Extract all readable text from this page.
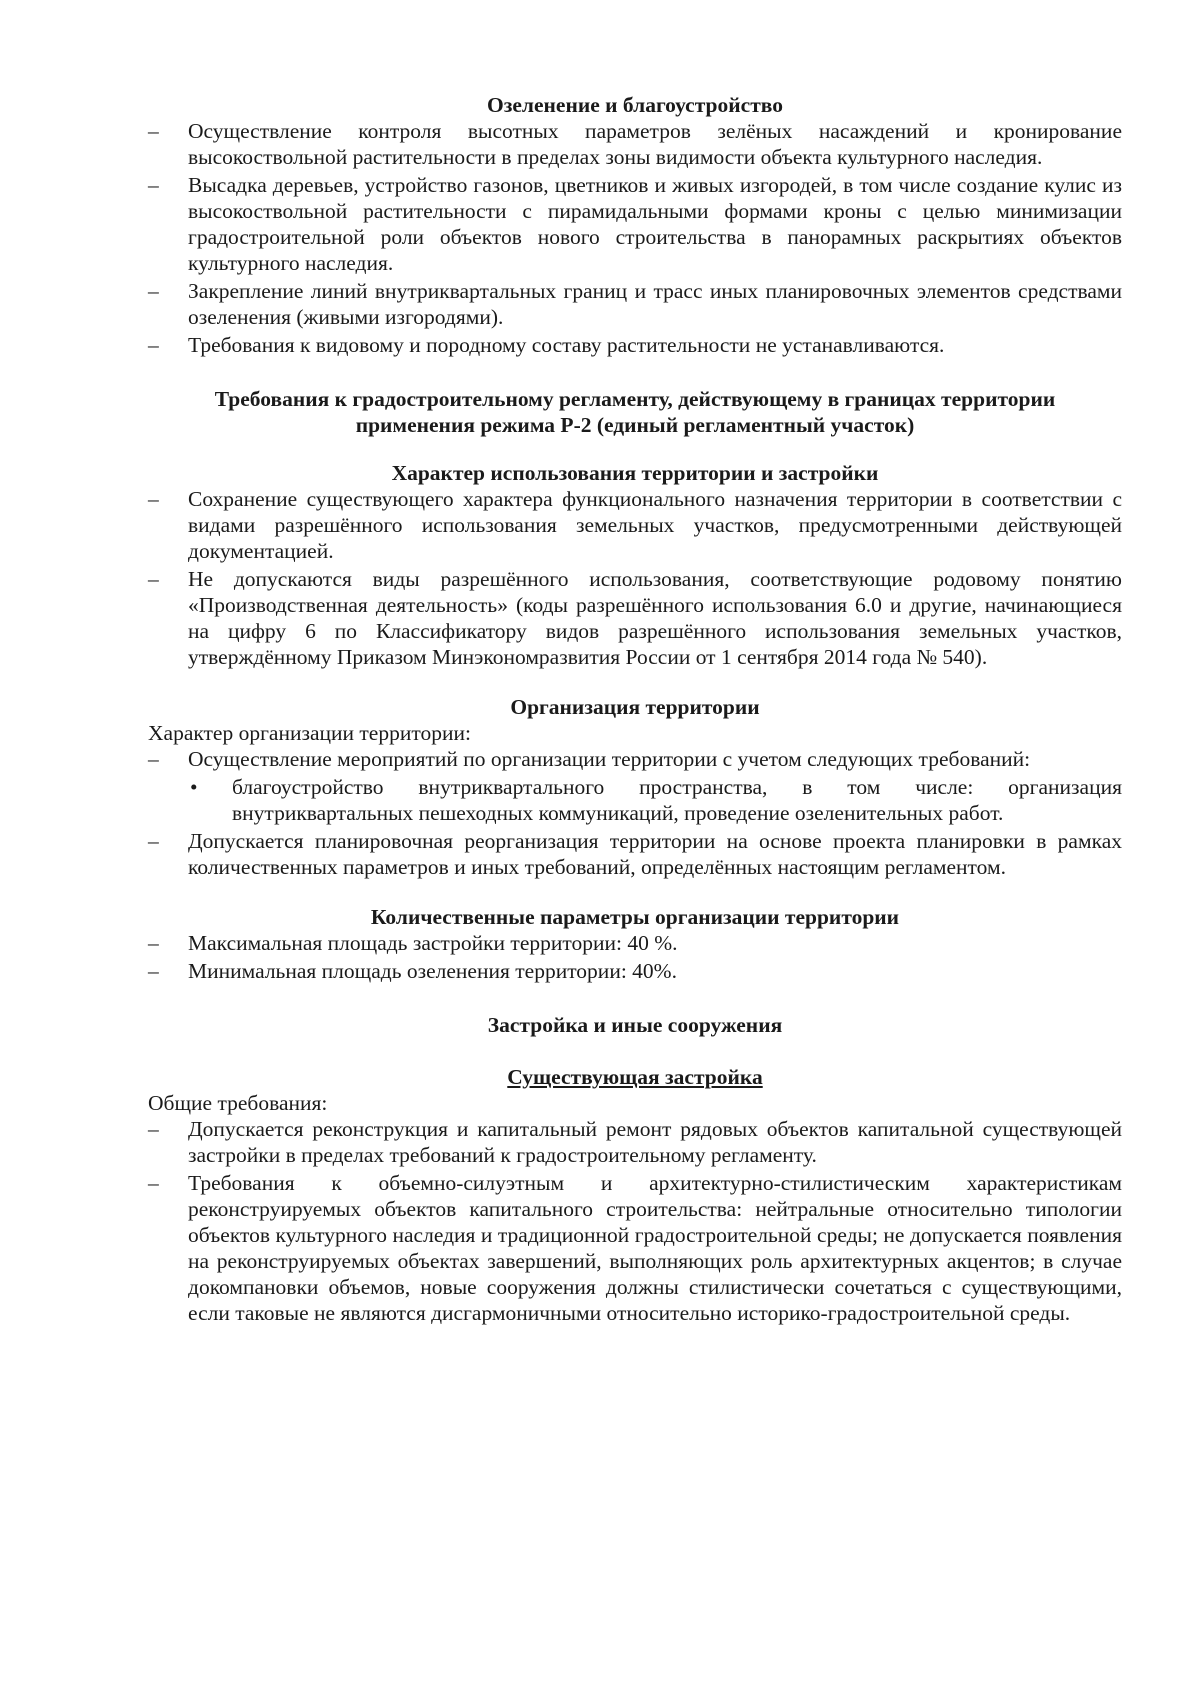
Озеленение и благоустройство

–	Осуществление контроля высотных параметров зелёных насаждений и кронирование высокоствольной растительности в пределах зоны видимости объекта культурного наследия.
–	Высадка деревьев, устройство газонов, цветников и живых изгородей, в том числе создание кулис из высокоствольной растительности с пирамидальными формами кроны с целью минимизации градостроительной роли объектов нового строительства в панорамных раскрытиях объектов культурного наследия.
–	Закрепление линий внутриквартальных границ и трасс иных планировочных элементов средствами озеленения (живыми изгородями).
–	Требования к видовому и породному составу растительности не устанавливаются.

Требования к градостроительному регламенту, действующему в границах территории

применения режима Р-2 (единый регламентный участок)

Характер использования территории и застройки

–	Сохранение существующего характера функционального назначения территории в соответствии с видами разрешённого использования земельных участков, предусмотренными действующей документацией.
–	Не допускаются виды разрешённого использования, соответствующие родовому понятию «Производственная деятельность» (коды разрешённого использования 6.0 и другие, начинающиеся на цифру 6 по Классификатору видов разрешённого использования земельных участков, утверждённому Приказом Минэкономразвития России от 1 сентября 2014 года № 540).

Организация территории

Характер организации территории:

–	Осуществление мероприятий по организации территории с учетом следующих требований:
•	благоустройство внутриквартального пространства, в том числе: организация внутриквартальных пешеходных коммуникаций, проведение озеленительных работ.
–	Допускается планировочная реорганизация территории на основе проекта планировки в рамках количественных параметров и иных требований, определённых настоящим регламентом.

Количественные параметры организации территории

–	Максимальная площадь застройки территории: 40 %.
–	Минимальная площадь озеленения территории: 40%.

Застройка и иные сооружения

Существующая застройка

Общие требования:

–	Допускается реконструкция и капитальный ремонт рядовых объектов капитальной существующей застройки в пределах требований к градостроительному регламенту.
–	Требования к объемно-силуэтным и архитектурно-стилистическим характеристикам реконструируемых объектов капитального строительства: нейтральные относительно типологии объектов культурного наследия и традиционной градостроительной среды; не допускается появления на реконструируемых объектах завершений, выполняющих роль архитектурных акцентов; в случае докомпановки объемов, новые сооружения должны стилистически сочетаться с существующими, если таковые не являются дисгармоничными относительно историко-градостроительной среды.
